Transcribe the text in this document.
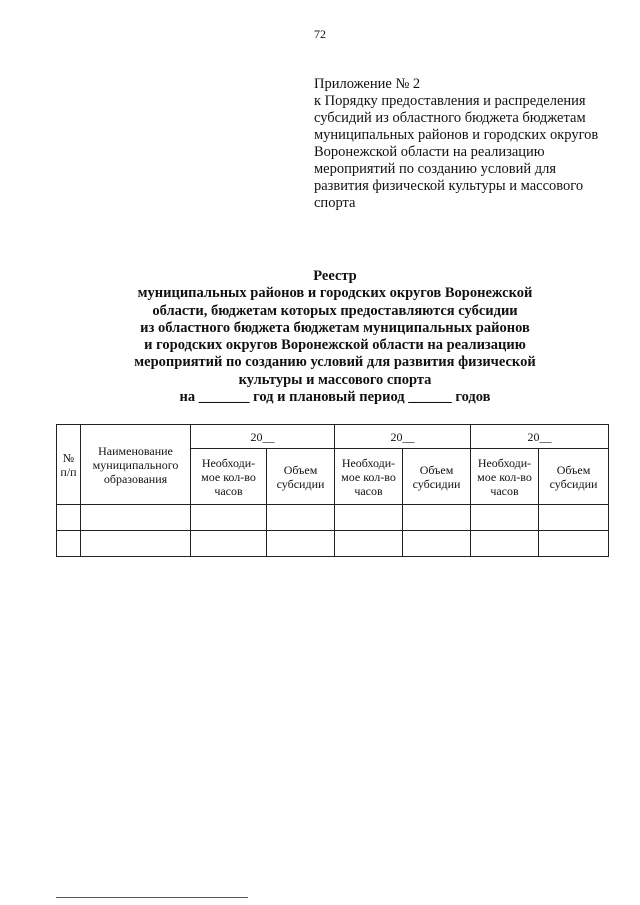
72
Приложение № 2
к Порядку предоставления и распределения
субсидий из областного бюджета бюджетам
муниципальных районов и городских округов
Воронежской области на реализацию
мероприятий по созданию условий для
развития физической культуры и массового
спорта
Реестр
муниципальных районов и городских округов Воронежской
области, бюджетам которых предоставляются субсидии
из областного бюджета бюджетам муниципальных районов
и городских округов Воронежской области на реализацию
мероприятий по созданию условий для развития физической
культуры и массового спорта
на _______ год и плановый период ______ годов
№ п/п	Наименование муниципального образования	20__		20__		20__	
		Необходи-мое кол-во часов	Объем субсидии	Необходи-мое кол-во часов	Объем субсидии	Необходи-мое кол-во часов	Объем субсидии
